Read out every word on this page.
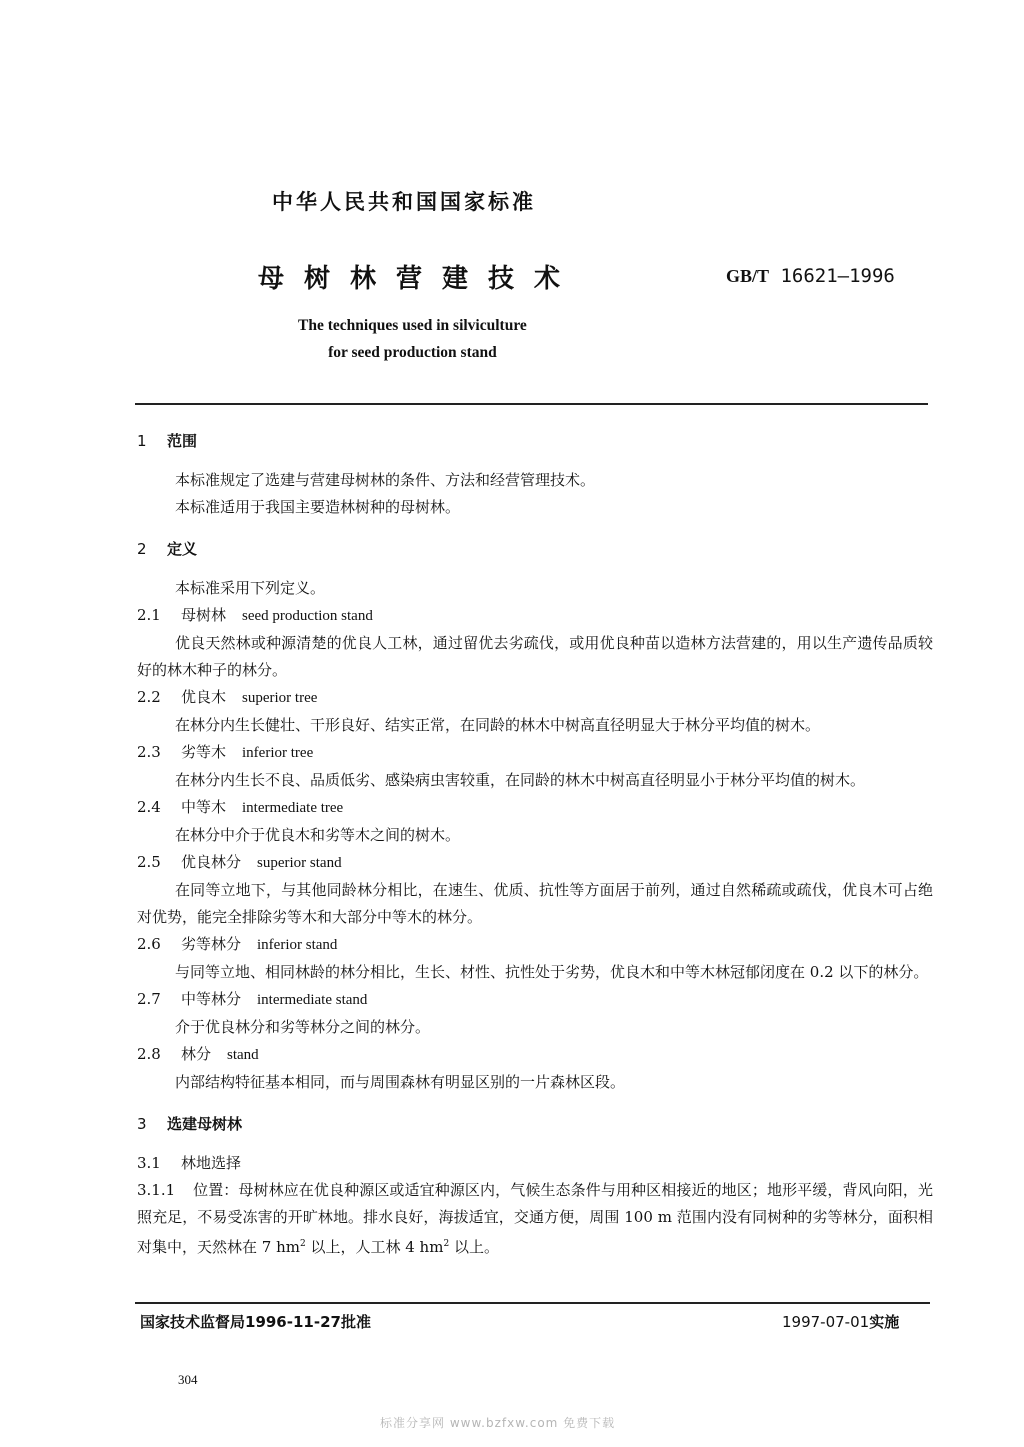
中华人民共和国国家标准
母树林营建技术	GB/T 16621—1996
The techniques used in silviculture
for seed production stand
1 范围

本标准规定了选建与营建母树林的条件、方法和经营管理技术。

本标准适用于我国主要造林树种的母树林。

2 定义

本标准采用下列定义。

2.1 母树林 seed production stand

优良天然林或种源清楚的优良人工林，通过留优去劣疏伐，或用优良种苗以造林方法营建的，用以生产遗传品质较好的林木种子的林分。

2.2 优良木 superior tree

在林分内生长健壮、干形良好、结实正常，在同龄的林木中树高直径明显大于林分平均值的树木。

2.3 劣等木 inferior tree

在林分内生长不良、品质低劣、感染病虫害较重，在同龄的林木中树高直径明显小于林分平均值的树木。

2.4 中等木 intermediate tree

在林分中介于优良木和劣等木之间的树木。

2.5 优良林分 superior stand

在同等立地下，与其他同龄林分相比，在速生、优质、抗性等方面居于前列，通过自然稀疏或疏伐，优良木可占绝对优势，能完全排除劣等木和大部分中等木的林分。

2.6 劣等林分 inferior stand

与同等立地、相同林龄的林分相比，生长、材性、抗性处于劣势，优良木和中等木林冠郁闭度在 0.2 以下的林分。

2.7 中等林分 intermediate stand

介于优良林分和劣等林分之间的林分。

2.8 林分 stand

内部结构特征基本相同，而与周围森林有明显区别的一片森林区段。

3 选建母树林

3.1 林地选择

3.1.1 位置：母树林应在优良种源区或适宜种源区内，气候生态条件与用种区相接近的地区；地形平缓，背风向阳，光照充足，不易受冻害的开旷林地。排水良好，海拔适宜，交通方便，周围 100 m 范围内没有同树种的劣等林分，面积相对集中，天然林在 7 $hm^2$ 以上，人工林 4 $hm^2$ 以上。

国家技术监督局1996-11-27批准	1997-07-01实施
304
标准分享网 www.bzfxw.com 免费下载
